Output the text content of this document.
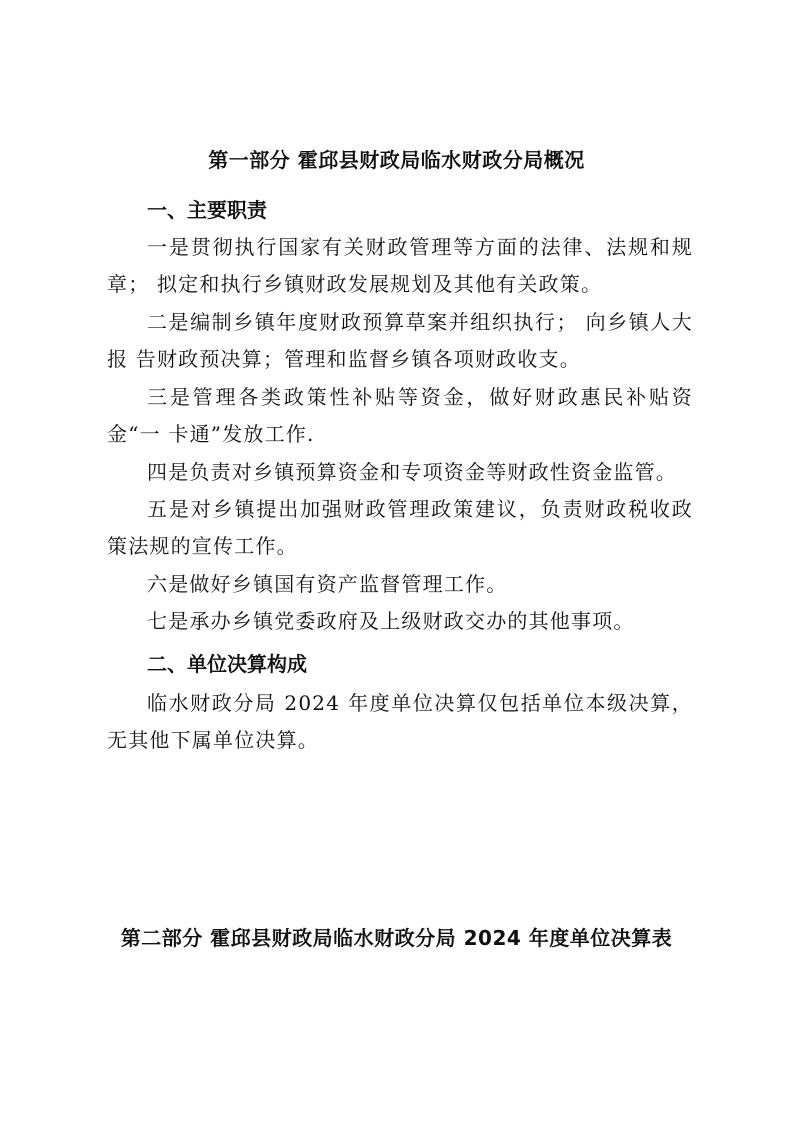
第一部分 霍邱县财政局临水财政分局概况
一、主要职责

一是贯彻执行国家有关财政管理等方面的法律、法规和规章； 拟定和执行乡镇财政发展规划及其他有关政策。

二是编制乡镇年度财政预算草案并组织执行； 向乡镇人大报 告财政预决算；管理和监督乡镇各项财政收支。

三是管理各类政策性补贴等资金，做好财政惠民补贴资金“一 卡通”发放工作.

四是负责对乡镇预算资金和专项资金等财政性资金监管。

五是对乡镇提出加强财政管理政策建议，负责财政税收政策法规的宣传工作。

六是做好乡镇国有资产监督管理工作。

七是承办乡镇党委政府及上级财政交办的其他事项。

二、单位决算构成

临水财政分局 2024 年度单位决算仅包括单位本级决算，无其他下属单位决算。

第二部分 霍邱县财政局临水财政分局 2024 年度单位决算表
